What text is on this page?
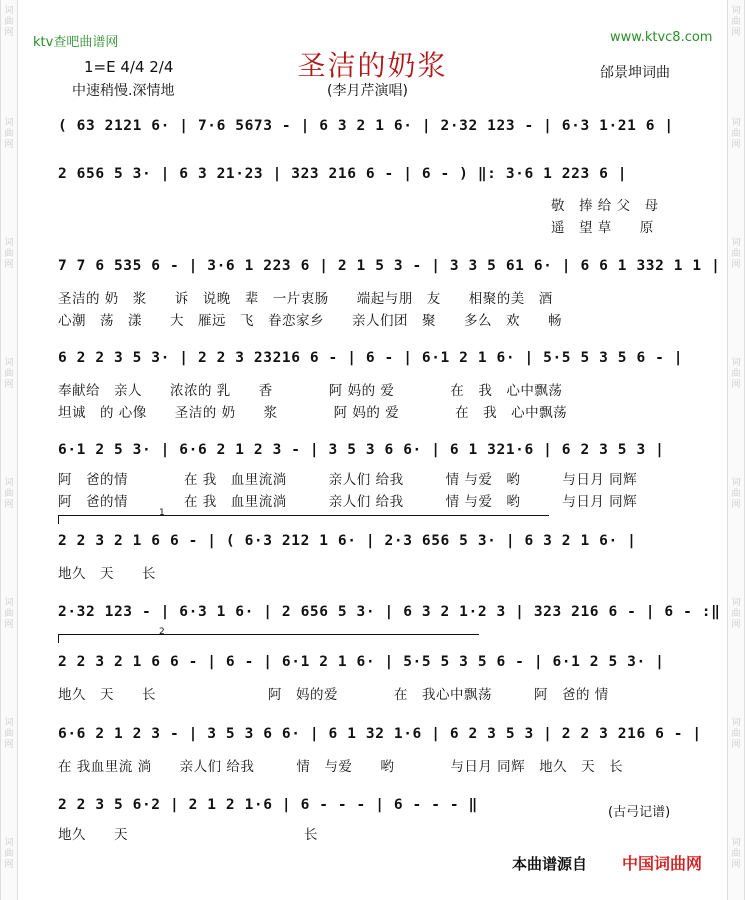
词曲网
词曲网
词曲网
词曲网
词曲网
词曲网
词曲网
词曲网
词曲网
词曲网
词曲网
词曲网
词曲网
词曲网
词曲网
词曲网
ktv查吧曲谱网	www.ktvc8.com
圣洁的奶浆
1=E 4/4 2/4	邰景坤词曲
中速稍慢.深情地	(李月芹演唱)
( 63 2121 6· | 7·6 5673 - | 6 3 2 1 6· | 2·32 123 - | 6·3 1·21 6 |
2 656 5 3· | 6 3 21·23 | 323 216 6 - | 6 - ) ‖: 3·6 1 223 6 |
敬　捧 给 父　母
遥　望 草　　原
7 7 6 535 6 - | 3·6 1 223 6 | 2 1 5 3 - | 3 3 5 61 6· | 6 6 1 332 1 1 |
圣洁的 奶　浆　　诉　说晚　辈　一片衷肠　　端起与朋　友　　相聚的美　酒
心潮　荡　漾　　大　雁远　飞　眷恋家乡　　亲人们团　聚　　多么　欢　　畅
6 2 2 3 5 3· | 2 2 3 23216 6 - | 6 - | 6·1 2 1 6· | 5·5 5 3 5 6 - |
奉献给　亲人　　浓浓的 乳　　香　　　　阿 妈的 爱　　　　在　我　心中飘荡
坦诚　的 心像　　圣洁的 奶　　浆　　　　阿 妈的 爱　　　　在　我　心中飘荡
6·1 2 5 3· | 6·6 2 1 2 3 - | 3 5 3 6 6· | 6 1 321·6 | 6 2 3 5 3 |
阿　爸的情　　　　在 我　血里流淌　　　亲人们 给我　　　情 与爱　哟　　　与日月 同辉
阿　爸的情　　　　在 我　血里流淌　　　亲人们 给我　　　情 与爱　哟　　　与日月 同辉
1
2 2 3 2 1 6 6 - | ( 6·3 212 1 6· | 2·3 656 5 3· | 6 3 2 1 6· |
地久　天　　长
2·32 123 - | 6·3 1 6· | 2 656 5 3· | 6 3 2 1·2 3 | 323 216 6 - | 6 - :‖
2
2 2 3 2 1 6 6 - | 6 - | 6·1 2 1 6· | 5·5 5 3 5 6 - | 6·1 2 5 3· |
地久　天　　长　　　　　　　　阿　妈的爱　　　　在　我心中飘荡　　　阿　爸的 情
6·6 2 1 2 3 - | 3 5 3 6 6· | 6 1 32 1·6 | 6 2 3 5 3 | 2 2 3 216 6 - |
在 我血里流 淌　　亲人们 给我　　　情　与爱　　哟　　　　与日月 同辉　地久　天　长
2 2 3 5 6·2 | 2 1 2 1·6 | 6 - - - | 6 - - - ‖
地久　　天	长
(古弓记谱)
本曲谱源自 中国词曲网
